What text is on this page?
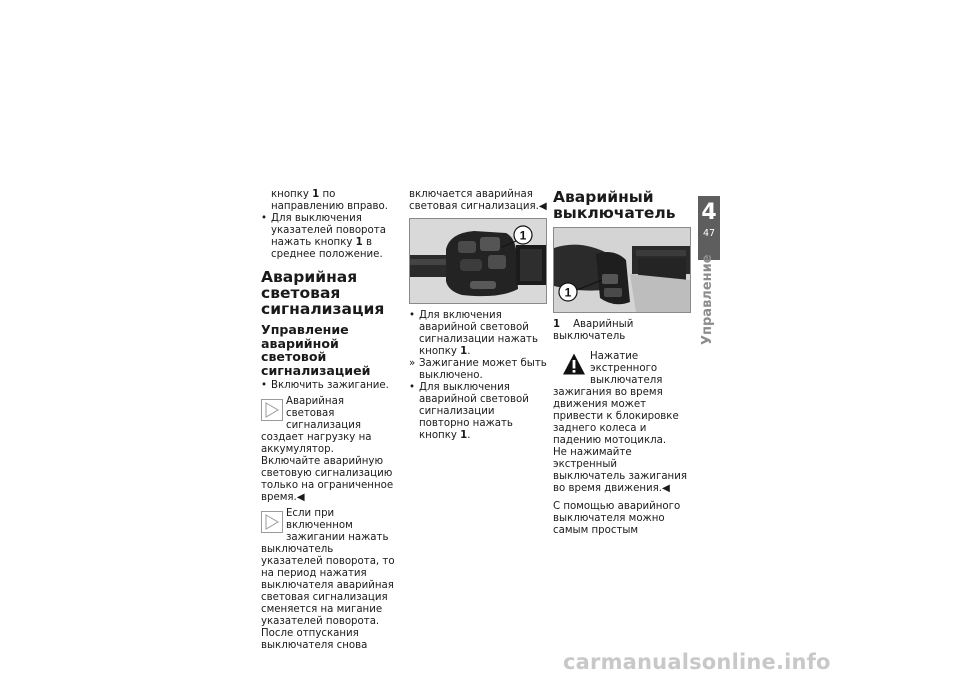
кнопку 1 по направлению вправо.

• Для выключения указателей поворота нажать кнопку 1 в среднее положение.

Аварийная световая сигнализация
Управление аварийной световой сигнализацией

• Включить зажигание.

Аварийная световая сигнализация создает нагрузку на аккумулятор. Включайте аварийную световую сигнализацию только на ограниченное время.◀
Если при включенном зажигании нажать выключатель указателей поворота, то на период нажатия выключателя аварийная световая сигнализация сменяется на мигание указателей поворота. После отпускания выключателя снова

включается аварийная световая сигнализация.◀

1

• Для включения аварийной световой сигнализации нажать кнопку 1.

» Зажигание может быть выключено.

• Для выключения аварийной световой сигнализации повторно нажать кнопку 1.

Аварийный выключатель
1

1 Аварийный выключатель

Нажатие экстренного выключателя зажигания во время движения может привести к блокировке заднего колеса и падению мотоцикла.
Не нажимайте экстренный выключатель зажигания во время движения.◀

С помощью аварийного выключателя можно самым простым

4
47
Управление
carmanualsonline.info
